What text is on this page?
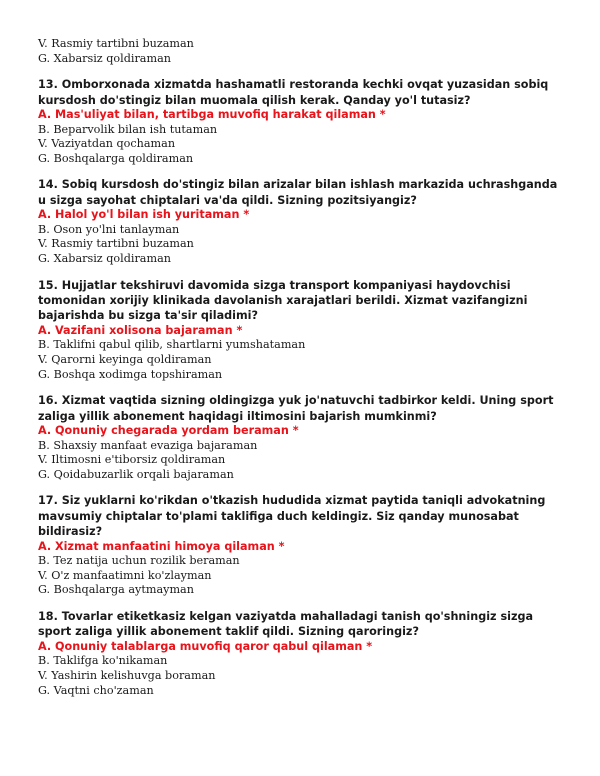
V. Rasmiy tartibni buzaman
G. Xabarsiz qoldiraman
13. Omborxonada xizmatda hashamatli restoranda kechki ovqat yuzasidan sobiq kursdosh do'stingiz bilan muomala qilish kerak. Qanday yo'l tutasiz?
A. Mas'uliyat bilan, tartibga muvofiq harakat qilaman *
B. Beparvolik bilan ish tutaman
V. Vaziyatdan qochaman
G. Boshqalarga qoldiraman
14. Sobiq kursdosh do'stingiz bilan arizalar bilan ishlash markazida uchrashganda u sizga sayohat chiptalari va'da qildi. Sizning pozitsiyangiz?
A. Halol yo'l bilan ish yuritaman *
B. Oson yo'lni tanlayman
V. Rasmiy tartibni buzaman
G. Xabarsiz qoldiraman
15. Hujjatlar tekshiruvi davomida sizga transport kompaniyasi haydovchisi tomonidan xorijiy klinikada davolanish xarajatlari berildi. Xizmat vazifangizni bajarishda bu sizga ta'sir qiladimi?
A. Vazifani xolisona bajaraman *
B. Taklifni qabul qilib, shartlarni yumshataman
V. Qarorni keyinga qoldiraman
G. Boshqa xodimga topshiraman
16. Xizmat vaqtida sizning oldingizga yuk jo'natuvchi tadbirkor keldi. Uning sport zaliga yillik abonement haqidagi iltimosini bajarish mumkinmi?
A. Qonuniy chegarada yordam beraman *
B. Shaxsiy manfaat evaziga bajaraman
V. Iltimosni e'tiborsiz qoldiraman
G. Qoidabuzarlik orqali bajaraman
17. Siz yuklarni ko'rikdan o'tkazish hududida xizmat paytida taniqli advokatning mavsumiy chiptalar to'plami taklifiga duch keldingiz. Siz qanday munosabat bildirasiz?
A. Xizmat manfaatini himoya qilaman *
B. Tez natija uchun rozilik beraman
V. O'z manfaatimni ko'zlayman
G. Boshqalarga aytmayman
18. Tovarlar etiketkasiz kelgan vaziyatda mahalladagi tanish qo'shningiz sizga sport zaliga yillik abonement taklif qildi. Sizning qaroringiz?
A. Qonuniy talablarga muvofiq qaror qabul qilaman *
B. Taklifga ko'nikaman
V. Yashirin kelishuvga boraman
G. Vaqtni cho'zaman
